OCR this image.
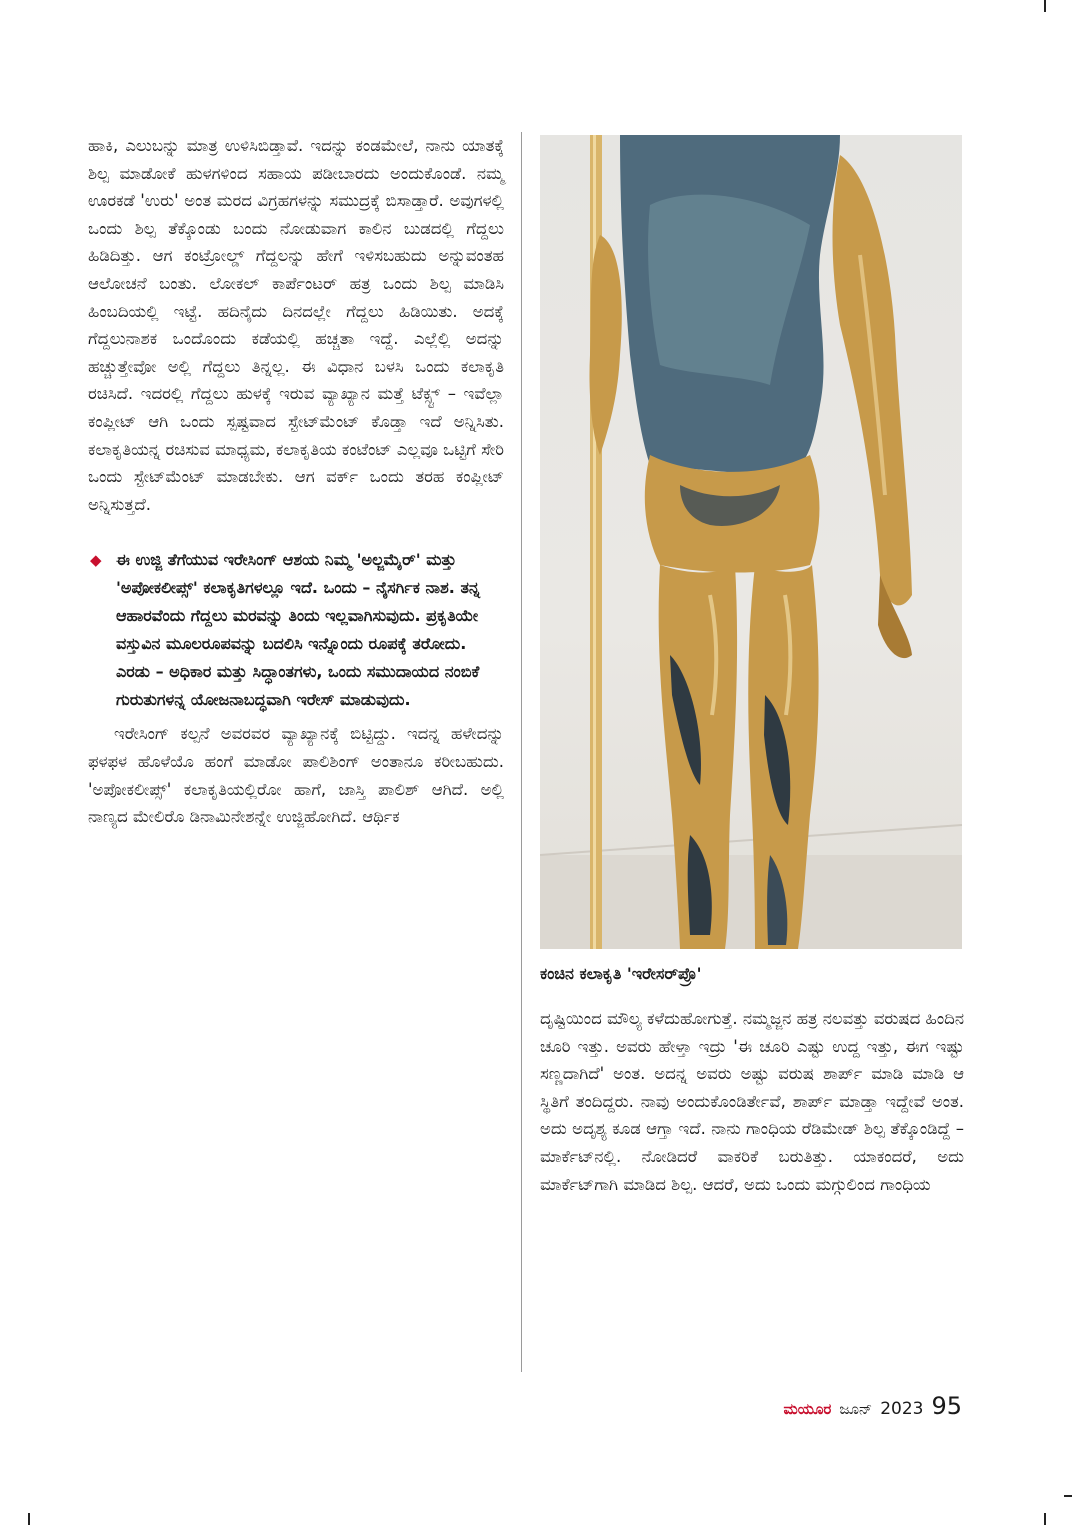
ಹಾಕಿ, ಎಲುಬನ್ನು ಮಾತ್ರ ಉಳಿಸಿಬಿಡ್ತಾವೆ. ಇದನ್ನು ಕಂಡಮೇಲೆ, ನಾನು ಯಾತಕ್ಕೆ ಶಿಲ್ಪ ಮಾಡೋಕೆ ಹುಳಗಳಿಂದ ಸಹಾಯ ಪಡೀಬಾರದು ಅಂದುಕೊಂಡೆ. ನಮ್ಮ ಊರಕಡೆ 'ಉರು' ಅಂತ ಮರದ ವಿಗ್ರಹಗಳನ್ನು ಸಮುದ್ರಕ್ಕೆ ಬಿಸಾಡ್ತಾರೆ. ಅವುಗಳಲ್ಲಿ ಒಂದು ಶಿಲ್ಪ ತೆಕ್ಕೊಂಡು ಬಂದು ನೋಡುವಾಗ ಕಾಲಿನ ಬುಡದಲ್ಲಿ ಗೆದ್ದಲು ಹಿಡಿದಿತ್ತು. ಆಗ ಕಂಟ್ರೋಲ್ಡ್ ಗೆದ್ದಲನ್ನು ಹೇಗೆ ಇಳಿಸಬಹುದು ಅನ್ನುವಂತಹ ಆಲೋಚನೆ ಬಂತು. ಲೋಕಲ್ ಕಾರ್ಪೆಂಟರ್ ಹತ್ರ ಒಂದು ಶಿಲ್ಪ ಮಾಡಿಸಿ ಹಿಂಬದಿಯಲ್ಲಿ ಇಟ್ಟೆ. ಹದಿನೈದು ದಿನದಲ್ಲೇ ಗೆದ್ದಲು ಹಿಡಿಯಿತು. ಅದಕ್ಕೆ ಗೆದ್ದಲುನಾಶಕ ಒಂದೊಂದು ಕಡೆಯಲ್ಲಿ ಹಚ್ಚತಾ ಇದ್ದೆ. ಎಲ್ಲೆಲ್ಲಿ ಅದನ್ನು ಹಚ್ಚುತ್ತೇವೋ ಅಲ್ಲಿ ಗೆದ್ದಲು ತಿನ್ನಲ್ಲ. ಈ ವಿಧಾನ ಬಳಸಿ ಒಂದು ಕಲಾಕೃತಿ ರಚಿಸಿದೆ. ಇದರಲ್ಲಿ ಗೆದ್ದಲು ಹುಳಕ್ಕೆ ಇರುವ ವ್ಯಾಖ್ಯಾನ ಮತ್ತೆ ಟೆಕ್ಸ್ಟ್ – ಇವೆಲ್ಲಾ ಕಂಪ್ಲೀಟ್ ಆಗಿ ಒಂದು ಸ್ಪಷ್ಟವಾದ ಸ್ಟೇಟ್‌ಮೆಂಟ್ ಕೊಡ್ತಾ ಇದೆ ಅನ್ನಿಸಿತು. ಕಲಾಕೃತಿಯನ್ನ ರಚಿಸುವ ಮಾಧ್ಯಮ, ಕಲಾಕೃತಿಯ ಕಂಟೆಂಟ್ ಎಲ್ಲವೂ ಒಟ್ಟಿಗೆ ಸೇರಿ ಒಂದು ಸ್ಟೇಟ್‌ಮೆಂಟ್ ಮಾಡಬೇಕು. ಆಗ ವರ್ಕ್ ಒಂದು ತರಹ ಕಂಪ್ಲೀಟ್ ಅನ್ನಿಸುತ್ತದೆ.

◆ ಈ ಉಜ್ಜಿ ತೆಗೆಯುವ ಇರೇಸಿಂಗ್ ಆಶಯ ನಿಮ್ಮ 'ಅಲ್ಜಮೈರ್' ಮತ್ತು 'ಅಪೋಕಲೀಪ್ಸ್' ಕಲಾಕೃತಿಗಳಲ್ಲೂ ಇದೆ. ಒಂದು – ನೈಸರ್ಗಿಕ ನಾಶ. ತನ್ನ ಆಹಾರವೆಂದು ಗೆದ್ದಲು ಮರವನ್ನು ತಿಂದು ಇಲ್ಲವಾಗಿಸುವುದು. ಪ್ರಕೃತಿಯೇ ವಸ್ತುವಿನ ಮೂಲರೂಪವನ್ನು ಬದಲಿಸಿ ಇನ್ನೊಂದು ರೂಪಕ್ಕೆ ತರೋದು. ಎರಡು – ಅಧಿಕಾರ ಮತ್ತು ಸಿದ್ಧಾಂತಗಳು, ಒಂದು ಸಮುದಾಯದ ನಂಬಿಕೆ ಗುರುತುಗಳನ್ನ ಯೋಜನಾಬದ್ಧವಾಗಿ ಇರೇಸ್ ಮಾಡುವುದು.

ಇರೇಸಿಂಗ್ ಕಲ್ಪನೆ ಅವರವರ ವ್ಯಾಖ್ಯಾನಕ್ಕೆ ಬಿಟ್ಟಿದ್ದು. ಇದನ್ನ ಹಳೇದನ್ನು ಫಳಫಳ ಹೊಳೆಯೊ ಹಂಗೆ ಮಾಡೋ ಪಾಲಿಶಿಂಗ್ ಅಂತಾನೂ ಕರೀಬಹುದು. 'ಅಪೋಕಲೀಪ್ಸ್' ಕಲಾಕೃತಿಯಲ್ಲಿರೋ ಹಾಗೆ, ಜಾಸ್ತಿ ಪಾಲಿಶ್ ಆಗಿದೆ. ಅಲ್ಲಿ ನಾಣ್ಯದ ಮೇಲಿರೊ ಡಿನಾಮಿನೇಶನ್ನೇ ಉಜ್ಜಿಹೋಗಿದೆ. ಆರ್ಥಿಕ

ಕಂಚಿನ ಕಲಾಕೃತಿ 'ಇರೇಸರ್‌ಪ್ರೊ'

ದೃಷ್ಟಿಯಿಂದ ಮೌಲ್ಯ ಕಳೆದುಹೋಗುತ್ತೆ. ನಮ್ಮಜ್ಜನ ಹತ್ರ ನಲವತ್ತು ವರುಷದ ಹಿಂದಿನ ಚೂರಿ ಇತ್ತು. ಅವರು ಹೇಳ್ತಾ ಇದ್ರು 'ಈ ಚೂರಿ ಎಷ್ಟು ಉದ್ದ ಇತ್ತು, ಈಗ ಇಷ್ಟು ಸಣ್ಣದಾಗಿದೆ' ಅಂತ. ಅದನ್ನ ಅವರು ಅಷ್ಟು ವರುಷ ಶಾರ್ಪ್ ಮಾಡಿ ಮಾಡಿ ಆ ಸ್ಥಿತಿಗೆ ತಂದಿದ್ದರು. ನಾವು ಅಂದುಕೊಂಡಿರ್ತೇವೆ, ಶಾರ್ಪ್ ಮಾಡ್ತಾ ಇದ್ದೇವೆ ಅಂತ. ಅದು ಅದೃಶ್ಯ ಕೂಡ ಆಗ್ತಾ ಇದೆ. ನಾನು ಗಾಂಧಿಯ ರೆಡಿಮೇಡ್ ಶಿಲ್ಪ ತೆಕ್ಕೊಂಡಿದ್ದೆ – ಮಾರ್ಕೆಟ್‌ನಲ್ಲಿ. ನೋಡಿದರೆ ವಾಕರಿಕೆ ಬರುತಿತ್ತು. ಯಾಕಂದರೆ, ಅದು ಮಾರ್ಕೆಟ್‌ಗಾಗಿ ಮಾಡಿದ ಶಿಲ್ಪ. ಆದರೆ, ಅದು ಒಂದು ಮಗ್ಗುಲಿಂದ ಗಾಂಧಿಯ

ಮಯೂರ ಜೂನ್ 2023 95
